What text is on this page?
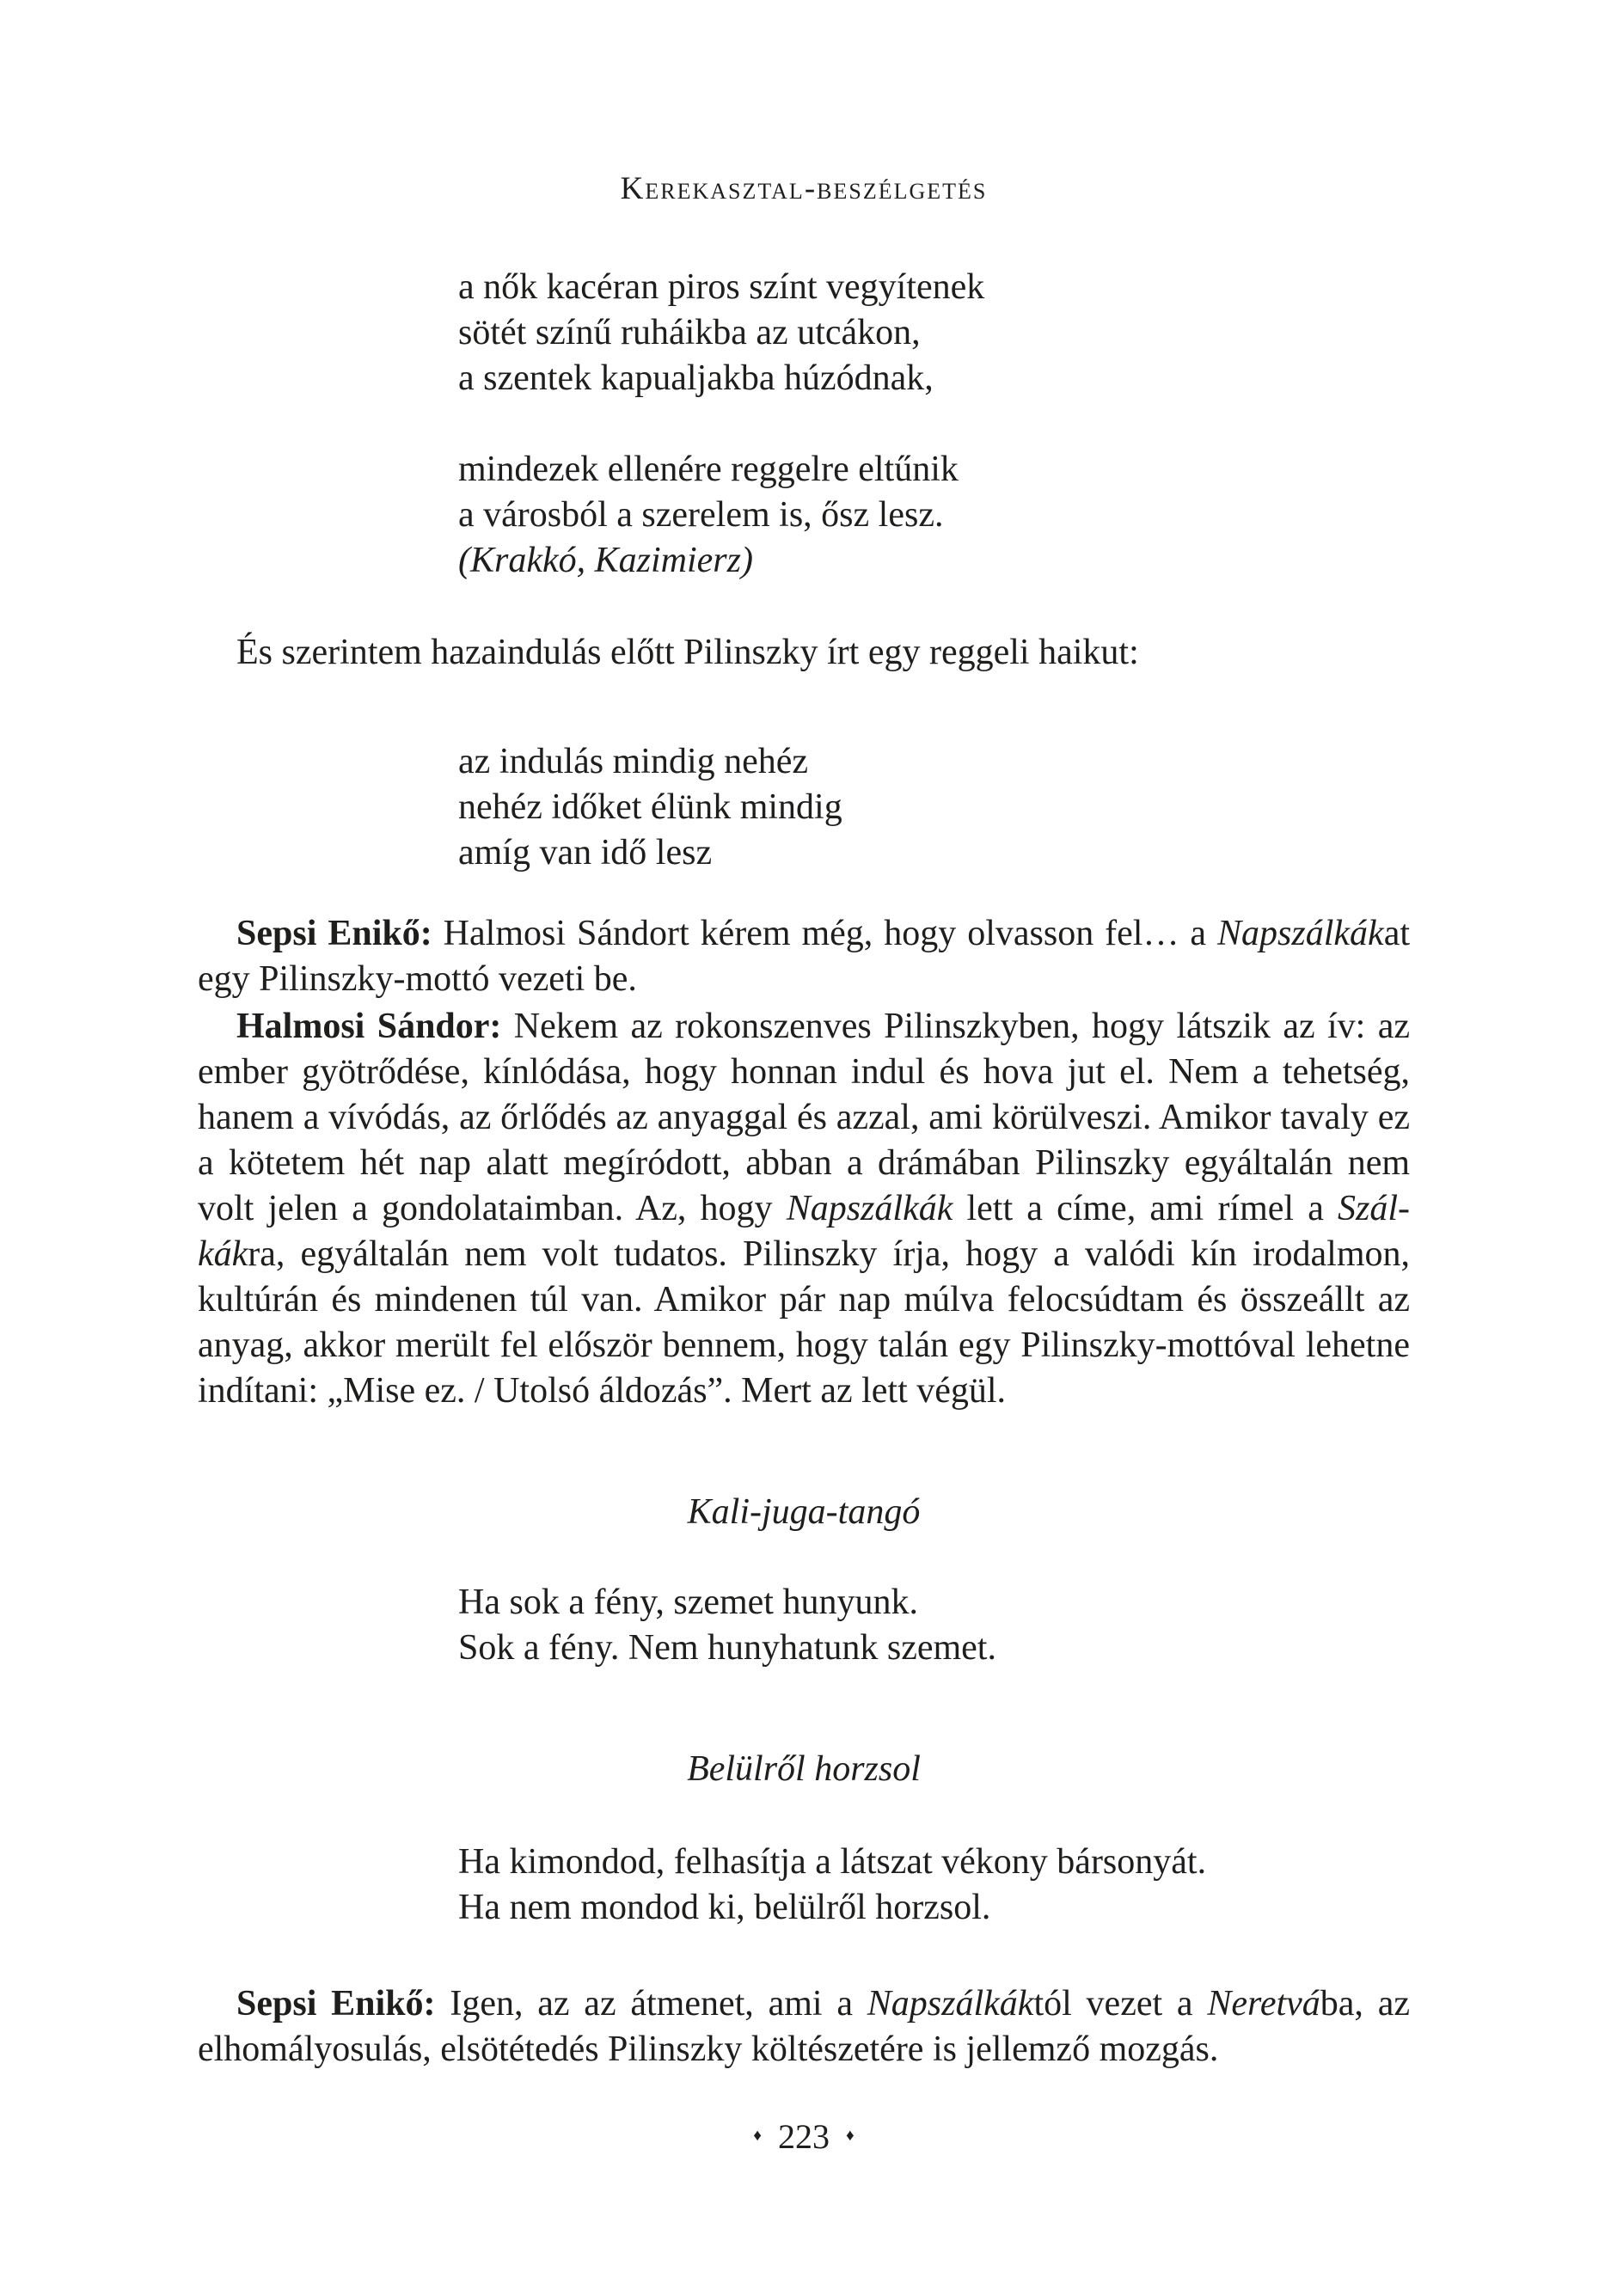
Kerekasztal-beszélgetés
a nők kacéran piros színt vegyítenek
sötét színű ruháikba az utcákon,
a szentek kapualjakba húzódnak,
mindezek ellenére reggelre eltűnik
a városból a szerelem is, ősz lesz.
(Krakkó, Kazimierz)
És szerintem hazaindulás előtt Pilinszky írt egy reggeli haikut:
az indulás mindig nehéz
nehéz időket élünk mindig
amíg van idő lesz
Sepsi Enikő: Halmosi Sándort kérem még, hogy olvasson fel… a Napszálkákat
egy Pilinszky-mottó vezeti be.
Halmosi Sándor: Nekem az rokonszenves Pilinszkyben, hogy látszik az ív: az
ember gyötrődése, kínlódása, hogy honnan indul és hova jut el. Nem a tehetség,
hanem a vívódás, az őrlődés az anyaggal és azzal, ami körülveszi. Amikor tavaly ez
a kötetem hét nap alatt megíródott, abban a drámában Pilinszky egyáltalán nem
volt jelen a gondolataimban. Az, hogy Napszálkák lett a címe, ami rímel a Szál-
kákra, egyáltalán nem volt tudatos. Pilinszky írja, hogy a valódi kín irodalmon,
kultúrán és mindenen túl van. Amikor pár nap múlva felocsúdtam és összeállt az
anyag, akkor merült fel először bennem, hogy talán egy Pilinszky-mottóval lehetne
indítani: „Mise ez. / Utolsó áldozás”. Mert az lett végül.
Kali-juga-tangó
Ha sok a fény, szemet hunyunk.
Sok a fény. Nem hunyhatunk szemet.
Belülről horzsol
Ha kimondod, felhasítja a látszat vékony bársonyát.
Ha nem mondod ki, belülről horzsol.
Sepsi Enikő: Igen, az az átmenet, ami a Napszálkáktól vezet a Neretvába, az
elhomályosulás, elsötétedés Pilinszky költészetére is jellemző mozgás.
♦ 223 ♦
